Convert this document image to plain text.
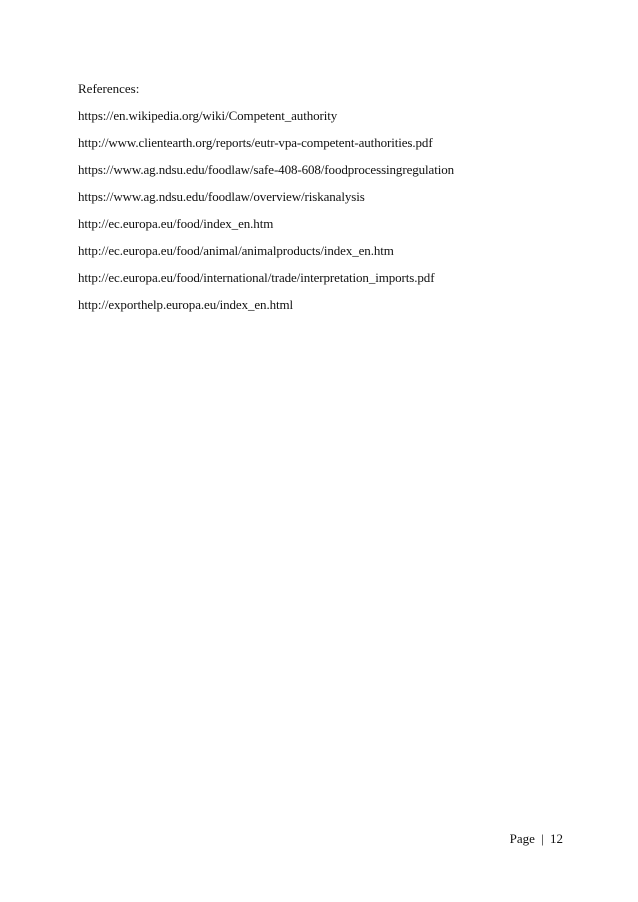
References:
https://en.wikipedia.org/wiki/Competent_authority
http://www.clientearth.org/reports/eutr-vpa-competent-authorities.pdf
https://www.ag.ndsu.edu/foodlaw/safe-408-608/foodprocessingregulation
https://www.ag.ndsu.edu/foodlaw/overview/riskanalysis
http://ec.europa.eu/food/index_en.htm
http://ec.europa.eu/food/animal/animalproducts/index_en.htm
http://ec.europa.eu/food/international/trade/interpretation_imports.pdf
http://exporthelp.europa.eu/index_en.html
Page | 12
